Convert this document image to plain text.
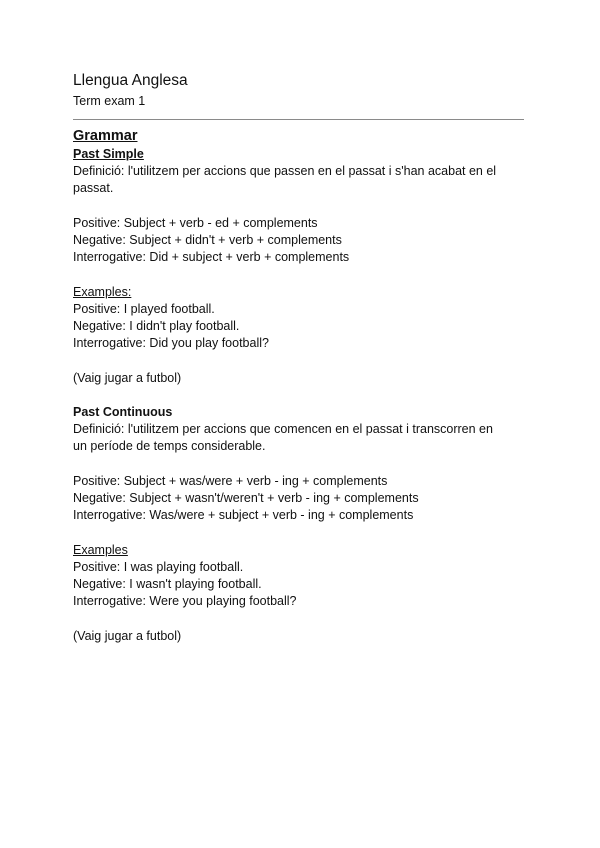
Llengua Anglesa
Term exam 1
Grammar
Past Simple
Definició: l'utilitzem per accions que passen en el passat i s'han acabat en el
passat.
Positive: Subject + verb - ed + complements
Negative: Subject + didn't + verb + complements
Interrogative: Did + subject + verb + complements
Examples:
Positive: I played football.
Negative: I didn't play football.
Interrogative: Did you play football?
(Vaig jugar a futbol)
Past Continuous
Definició: l'utilitzem per accions que comencen en el passat i transcorren en
un període de temps considerable.
Positive: Subject + was/were + verb - ing + complements
Negative: Subject + wasn't/weren't + verb - ing + complements
Interrogative: Was/were + subject + verb - ing + complements
Examples
Positive: I was playing football.
Negative: I wasn't playing football.
Interrogative: Were you playing football?
(Vaig jugar a futbol)
